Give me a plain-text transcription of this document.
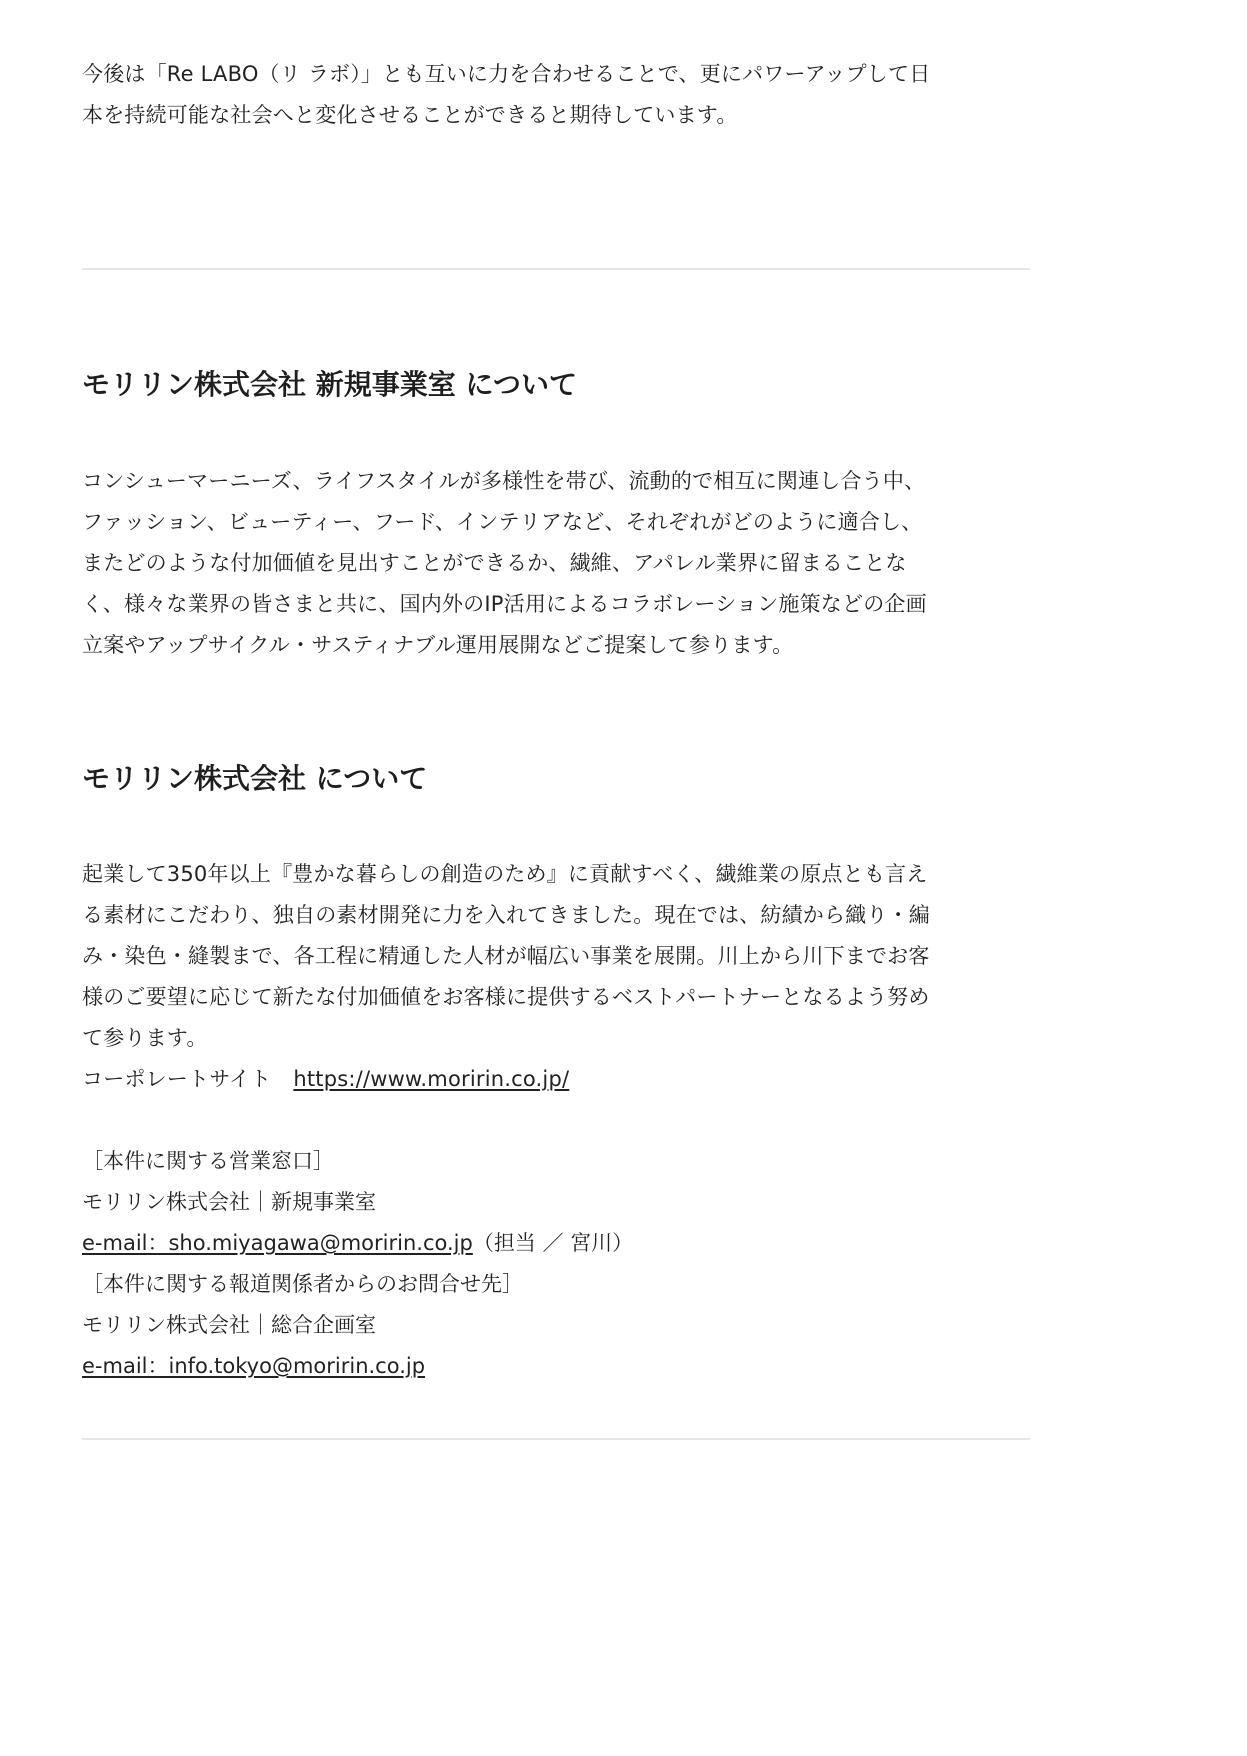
今後は「Re LABO（リ ラボ）」とも互いに力を合わせることで、更にパワーアップして日
本を持続可能な社会へと変化させることができると期待しています。

モリリン株式会社 新規事業室 について

コンシューマーニーズ、ライフスタイルが多様性を帯び、流動的で相互に関連し合う中、
ファッション、ビューティー、フード、インテリアなど、それぞれがどのように適合し、
またどのような付加価値を見出すことができるか、繊維、アパレル業界に留まることな
く、様々な業界の皆さまと共に、国内外のIP活用によるコラボレーション施策などの企画
立案やアップサイクル・サスティナブル運用展開などご提案して参ります。

モリリン株式会社 について

起業して350年以上『豊かな暮らしの創造のため』に貢献すべく、繊維業の原点とも言え
る素材にこだわり、独自の素材開発に力を入れてきました。現在では、紡績から織り・編
み・染色・縫製まで、各工程に精通した人材が幅広い事業を展開。川上から川下までお客
様のご要望に応じて新たな付加価値をお客様に提供するベストパートナーとなるよう努め
て参ります。
コーポレートサイト https://www.moririn.co.jp/

［本件に関する営業窓口］
モリリン株式会社｜新規事業室
e-mail：sho.miyagawa@moririn.co.jp（担当 ／ 宮川）
［本件に関する報道関係者からのお問合せ先］
モリリン株式会社｜総合企画室
e-mail：info.tokyo@moririn.co.jp
